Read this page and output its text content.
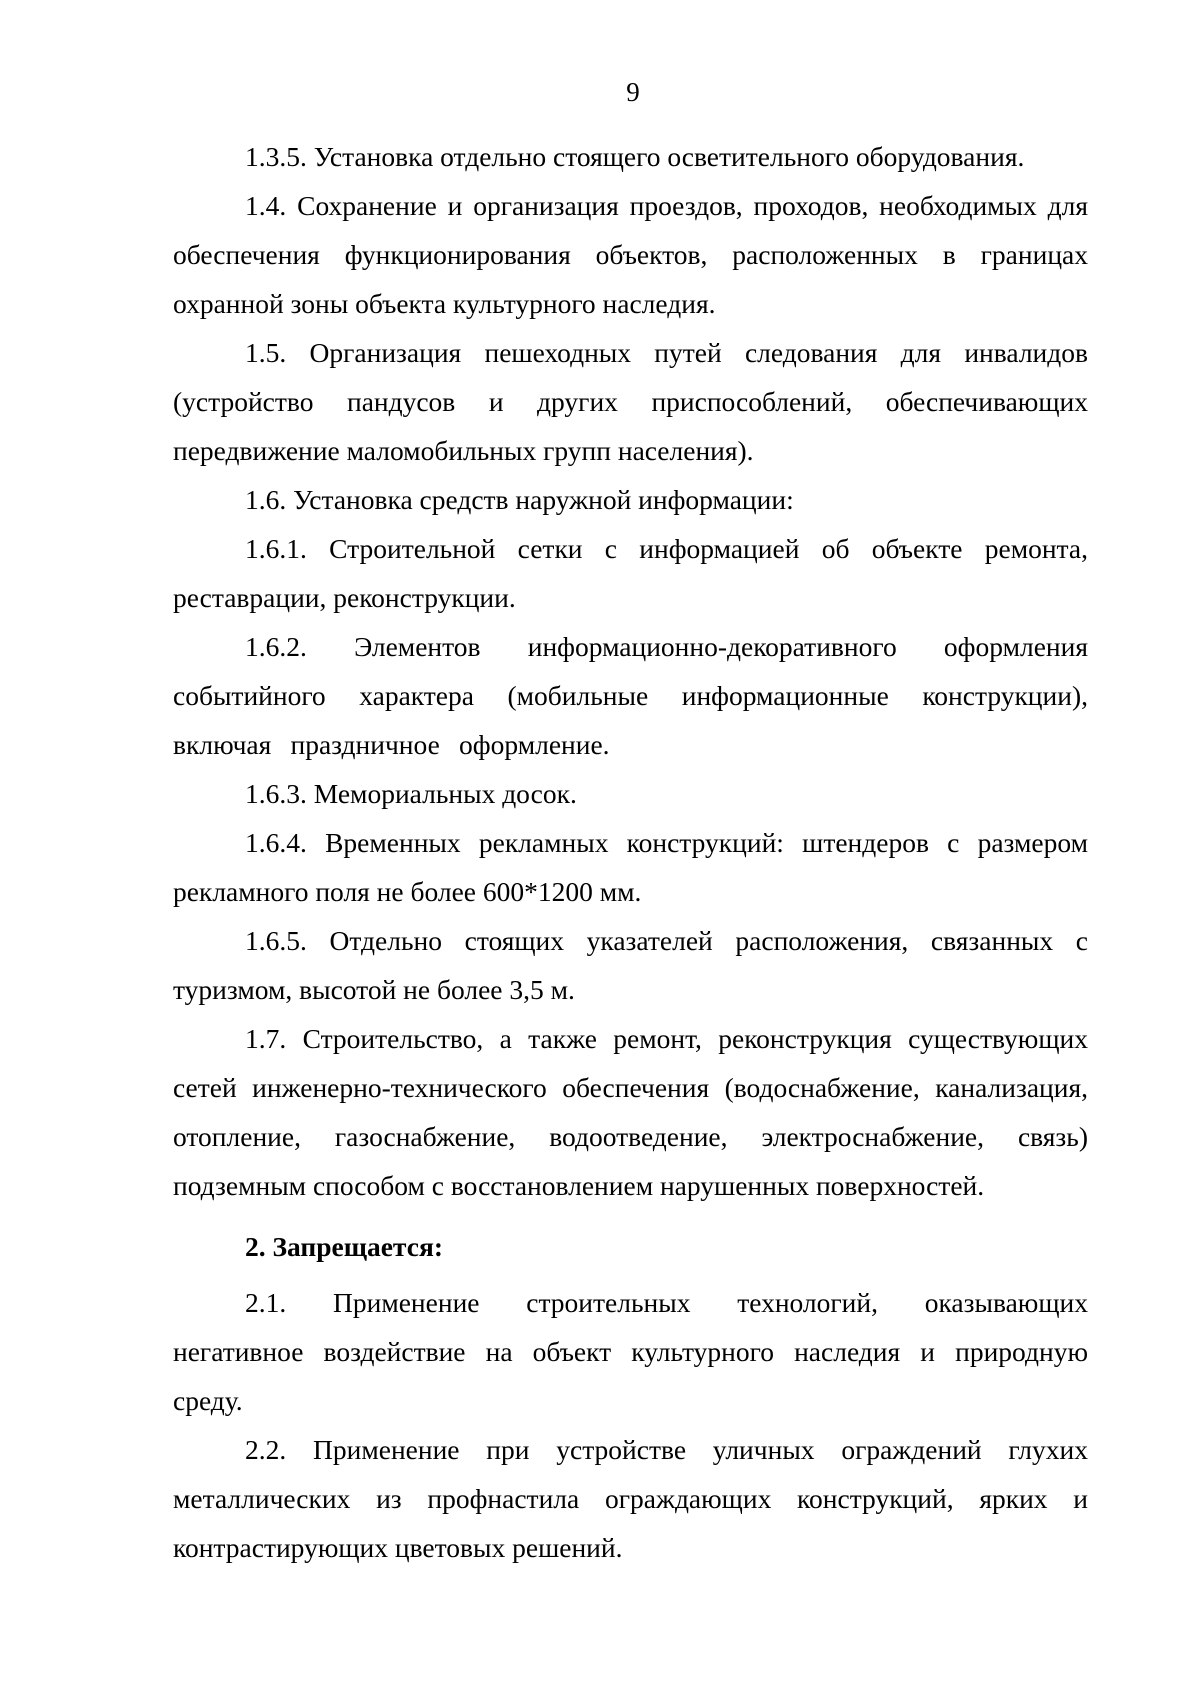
9

1.3.5. Установка отдельно стоящего осветительного оборудования.

1.4. Сохранение и организация проездов, проходов, необходимых для обеспечения функционирования объектов, расположенных в границах охранной зоны объекта культурного наследия.

1.5. Организация пешеходных путей следования для инвалидов (устройство пандусов и других приспособлений, обеспечивающих передвижение маломобильных групп населения).

1.6. Установка средств наружной информации:

1.6.1. Строительной сетки с информацией об объекте ремонта, реставрации, реконструкции.

1.6.2. Элементов информационно-декоративного оформления событийного характера (мобильные информационные конструкции), включая праздничное оформление.

1.6.3. Мемориальных досок.

1.6.4. Временных рекламных конструкций: штендеров с размером рекламного поля не более 600*1200 мм.

1.6.5. Отдельно стоящих указателей расположения, связанных с туризмом, высотой не более 3,5 м.

1.7. Строительство, а также ремонт, реконструкция существующих сетей инженерно-технического обеспечения (водоснабжение, канализация, отопление, газоснабжение, водоотведение, электроснабжение, связь) подземным способом с восстановлением нарушенных поверхностей.

2. Запрещается:

2.1. Применение строительных технологий, оказывающих негативное воздействие на объект культурного наследия и природную среду.

2.2. Применение при устройстве уличных ограждений глухих металлических из профнастила ограждающих конструкций, ярких и контрастирующих цветовых решений.
